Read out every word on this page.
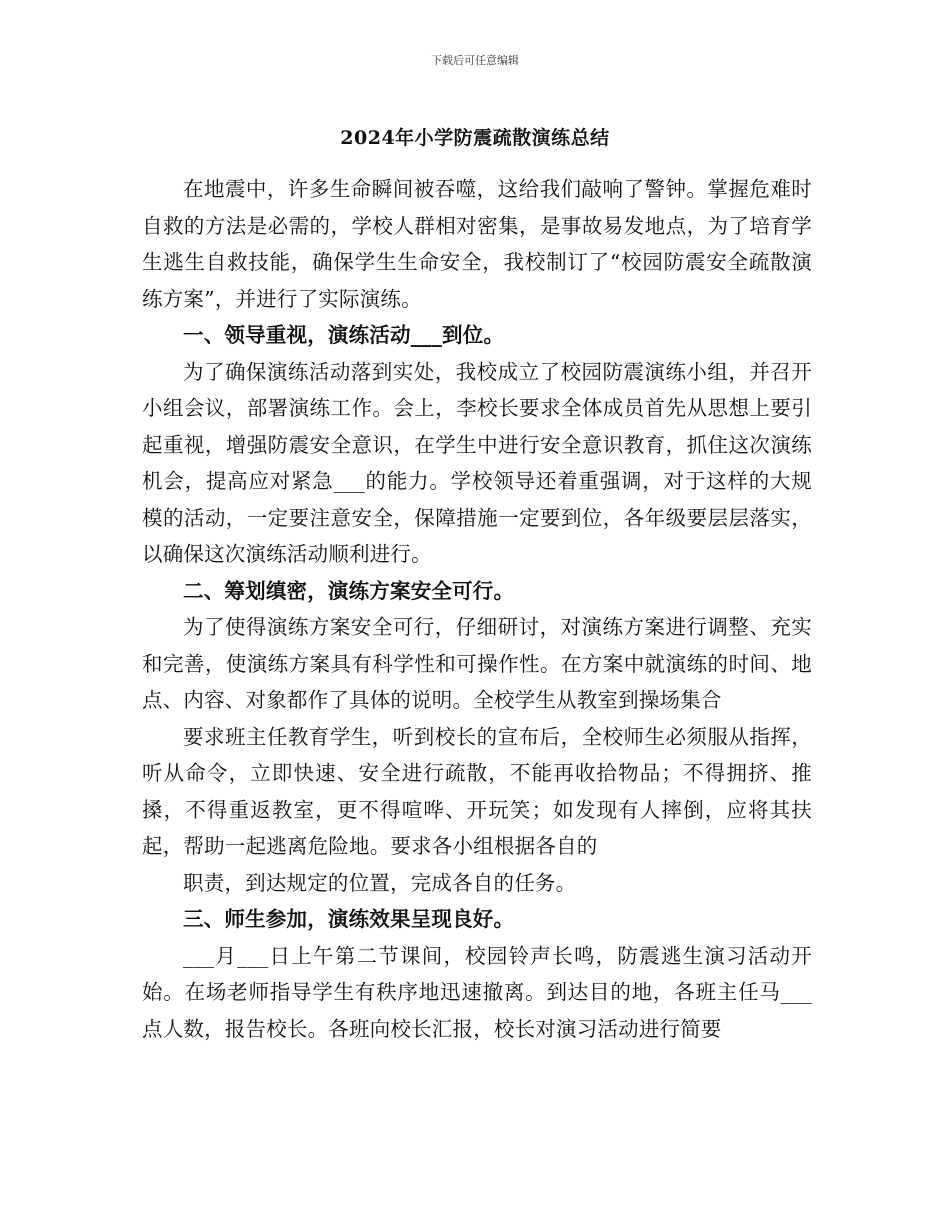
下载后可任意编辑
2024年小学防震疏散演练总结

在地震中，许多生命瞬间被吞噬，这给我们敲响了警钟。掌握危难时自救的方法是必需的，学校人群相对密集，是事故易发地点，为了培育学生逃生自救技能，确保学生生命安全，我校制订了“校园防震安全疏散演练方案”，并进行了实际演练。

一、领导重视，演练活动___到位。

为了确保演练活动落到实处，我校成立了校园防震演练小组，并召开小组会议，部署演练工作。会上，李校长要求全体成员首先从思想上要引起重视，增强防震安全意识，在学生中进行安全意识教育，抓住这次演练机会，提高应对紧急___的能力。学校领导还着重强调，对于这样的大规模的活动，一定要注意安全，保障措施一定要到位，各年级要层层落实，以确保这次演练活动顺利进行。

二、筹划缜密，演练方案安全可行。

为了使得演练方案安全可行，仔细研讨，对演练方案进行调整、充实和完善，使演练方案具有科学性和可操作性。在方案中就演练的时间、地点、内容、对象都作了具体的说明。全校学生从教室到操场集合

要求班主任教育学生，听到校长的宣布后，全校师生必须服从指挥，听从命令，立即快速、安全进行疏散，不能再收拾物品；不得拥挤、推搡，不得重返教室，更不得喧哗、开玩笑；如发现有人摔倒，应将其扶起，帮助一起逃离危险地。要求各小组根据各自的

职责，到达规定的位置，完成各自的任务。

三、师生参加，演练效果呈现良好。

___月___日上午第二节课间，校园铃声长鸣，防震逃生演习活动开始。在场老师指导学生有秩序地迅速撤离。到达目的地，各班主任马___点人数，报告校长。各班向校长汇报，校长对演习活动进行简要
